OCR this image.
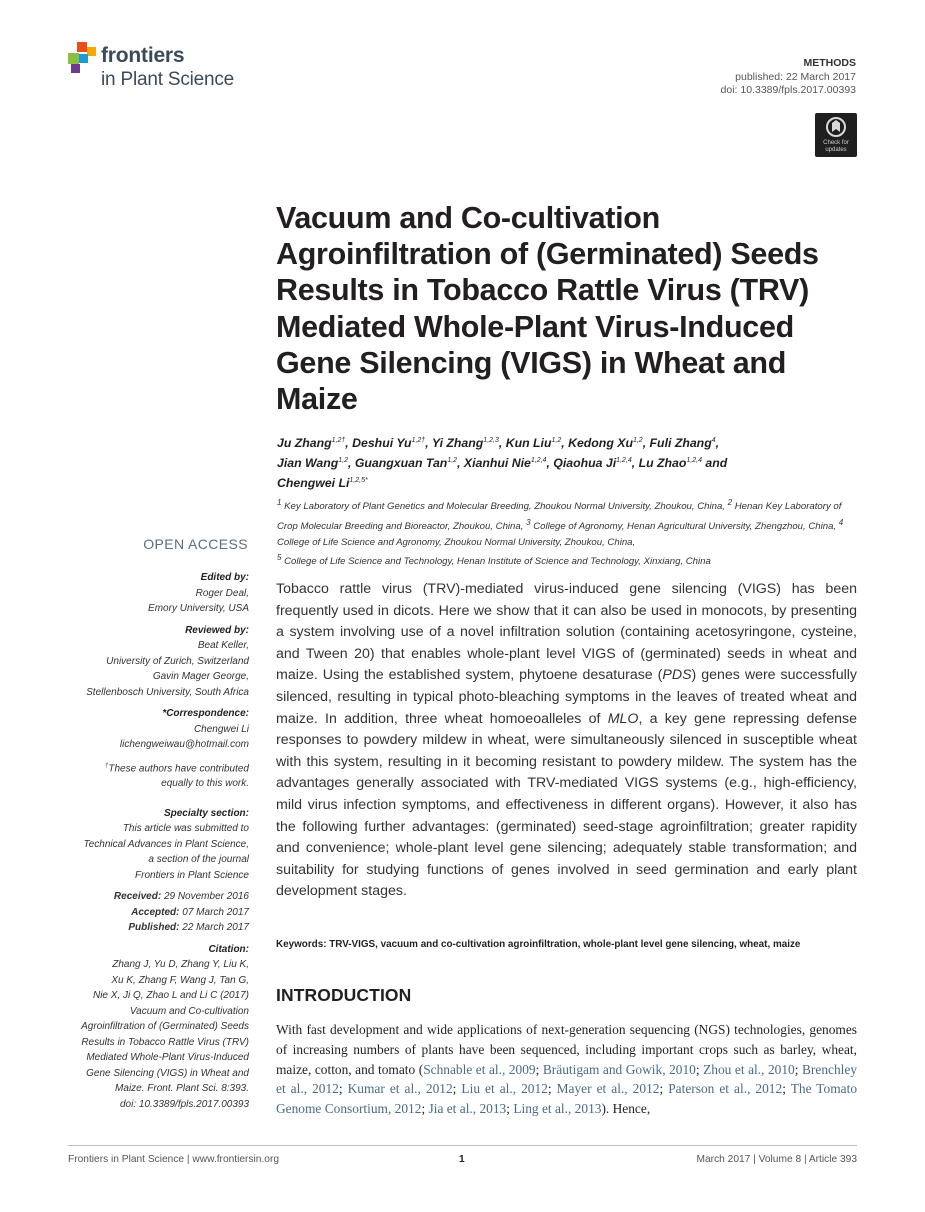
frontiers
in Plant Science
METHODS
published: 22 March 2017
doi: 10.3389/fpls.2017.00393
Check for updates
Vacuum and Co-cultivation Agroinfiltration of (Germinated) Seeds Results in Tobacco Rattle Virus (TRV) Mediated Whole-Plant Virus-Induced Gene Silencing (VIGS) in Wheat and Maize
Ju Zhang$^{1,2\dagger}$, Deshui $Yu^{1,2\dagger}$, Yi Zhang$^{1,2,3}$, Kun Liu$^{1,2}$, Kedong Xu$^{1,2}$, Fuli Zhang$^4$,
Jian Wang$^{1,2}$, Guangxuan Tan$^{1,2}$, Xianhui Nie$^{1,2,4}$, Qiaohua Ji$^{1,2,4}$, Lu Zhao$^{1,2,4}$ and
Chengwei $Li^{1,2,5*}$
$^1$ Key Laboratory of Plant Genetics and Molecular Breeding, Zhoukou Normal University, Zhoukou, China, $^2$ Henan Key Laboratory of Crop Molecular Breeding and Bioreactor, Zhoukou, China, $^3$ College of Agronomy, Henan Agricultural University, Zhengzhou, China, $^4$ College of Life Science and Agronomy, Zhoukou Normal University, Zhoukou, China,
$^5$ College of Life Science and Technology, Henan Institute of Science and Technology, Xinxiang, China
OPEN ACCESS
Edited by:
Roger Deal,
Emory University, USA
Reviewed by:
Beat Keller,
University of Zurich, Switzerland
Gavin Mager George,
Stellenbosch University, South Africa
*Correspondence:
Chengwei Li
lichengweiwau@hotmail.com
†These authors have contributed
equally to this work.
Specialty section:
This article was submitted to
Technical Advances in Plant Science,
a section of the journal
Frontiers in Plant Science
Received: 29 November 2016
Accepted: 07 March 2017
Published: 22 March 2017
Citation:
Zhang J, Yu D, Zhang Y, Liu K,
Xu K, Zhang F, Wang J, Tan G,
Nie X, Ji Q, Zhao L and Li C (2017)
Vacuum and Co-cultivation
Agroinfiltration of (Germinated) Seeds
Results in Tobacco Rattle Virus (TRV)
Mediated Whole-Plant Virus-Induced
Gene Silencing (VIGS) in Wheat and
Maize. Front. Plant Sci. 8:393.
doi: 10.3389/fpls.2017.00393

Tobacco rattle virus (TRV)-mediated virus-induced gene silencing (VIGS) has been frequently used in dicots. Here we show that it can also be used in monocots, by presenting a system involving use of a novel infiltration solution (containing acetosyringone, cysteine, and Tween 20) that enables whole-plant level VIGS of (germinated) seeds in wheat and maize. Using the established system, phytoene desaturase (PDS) genes were successfully silenced, resulting in typical photo-bleaching symptoms in the leaves of treated wheat and maize. In addition, three wheat homoeoalleles of MLO, a key gene repressing defense responses to powdery mildew in wheat, were simultaneously silenced in susceptible wheat with this system, resulting in it becoming resistant to powdery mildew. The system has the advantages generally associated with TRV-mediated VIGS systems (e.g., high-efficiency, mild virus infection symptoms, and effectiveness in different organs). However, it also has the following further advantages: (germinated) seed-stage agroinfiltration; greater rapidity and convenience; whole-plant level gene silencing; adequately stable transformation; and suitability for studying functions of genes involved in seed germination and early plant development stages.

Keywords: TRV-VIGS, vacuum and co-cultivation agroinfiltration, whole-plant level gene silencing, wheat, maize
INTRODUCTION

With fast development and wide applications of next-generation sequencing (NGS) technologies, genomes of increasing numbers of plants have been sequenced, including important crops such as barley, wheat, maize, cotton, and tomato (Schnable et al., 2009; Bräutigam and Gowik, 2010; Zhou et al., 2010; Brenchley et al., 2012; Kumar et al., 2012; Liu et al., 2012; Mayer et al., 2012; Paterson et al., 2012; The Tomato Genome Consortium, 2012; Jia et al., 2013; Ling et al., 2013). Hence,

Frontiers in Plant Science | www.frontiersin.org	1	March 2017 | Volume 8 | Article 393
